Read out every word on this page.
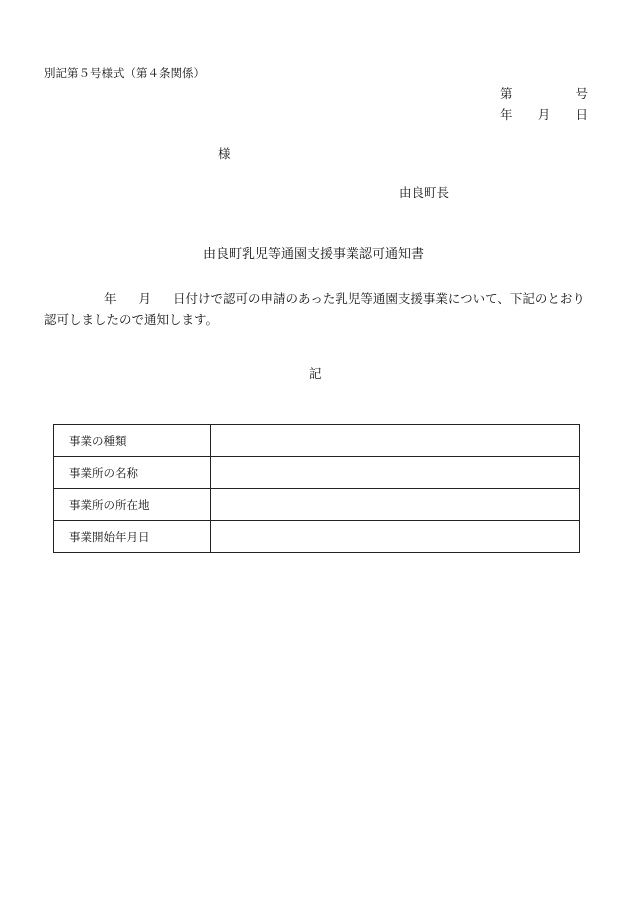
別記第５号様式（第４条関係）
第	号
年 月 日
様
由良町長
由良町乳児等通園支援事業認可通知書
年 月 日付けで認可の申請のあった乳児等通園支援事業について、下記のとおり
認可しましたので通知します。
記
事業の種類	
事業所の名称	
事業所の所在地	
事業開始年月日	
